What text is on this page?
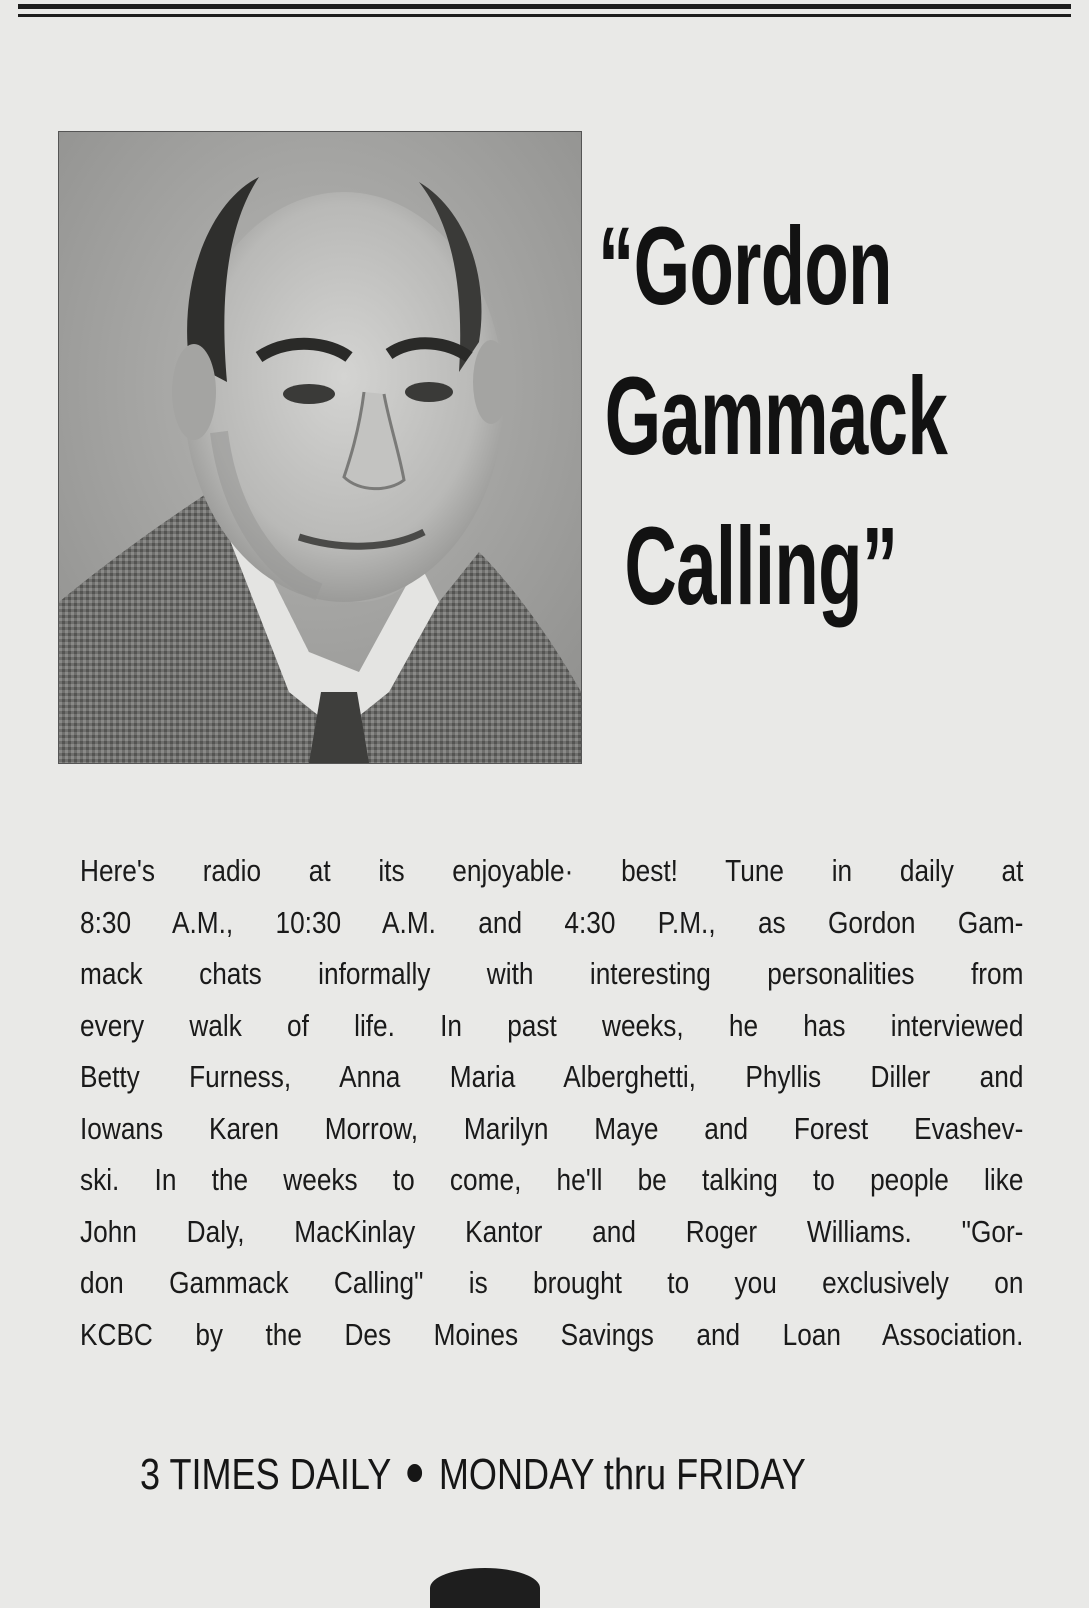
“Gordon
Gammack
Calling”

Here's radio at its enjoyable· best! Tune in daily at
8:30 A.M., 10:30 A.M. and 4:30 P.M., as Gordon Gam-
mack chats informally with interesting personalities from
every walk of life. In past weeks, he has interviewed
Betty Furness, Anna Maria Alberghetti, Phyllis Diller and
Iowans Karen Morrow, Marilyn Maye and Forest Evashev-
ski. In the weeks to come, he'll be talking to people like
John Daly, MacKinlay Kantor and Roger Williams. "Gor-
don Gammack Calling" is brought to you exclusively on
KCBC by the Des Moines Savings and Loan Association.

3 TIMES DAILY MONDAY thru FRIDAY
